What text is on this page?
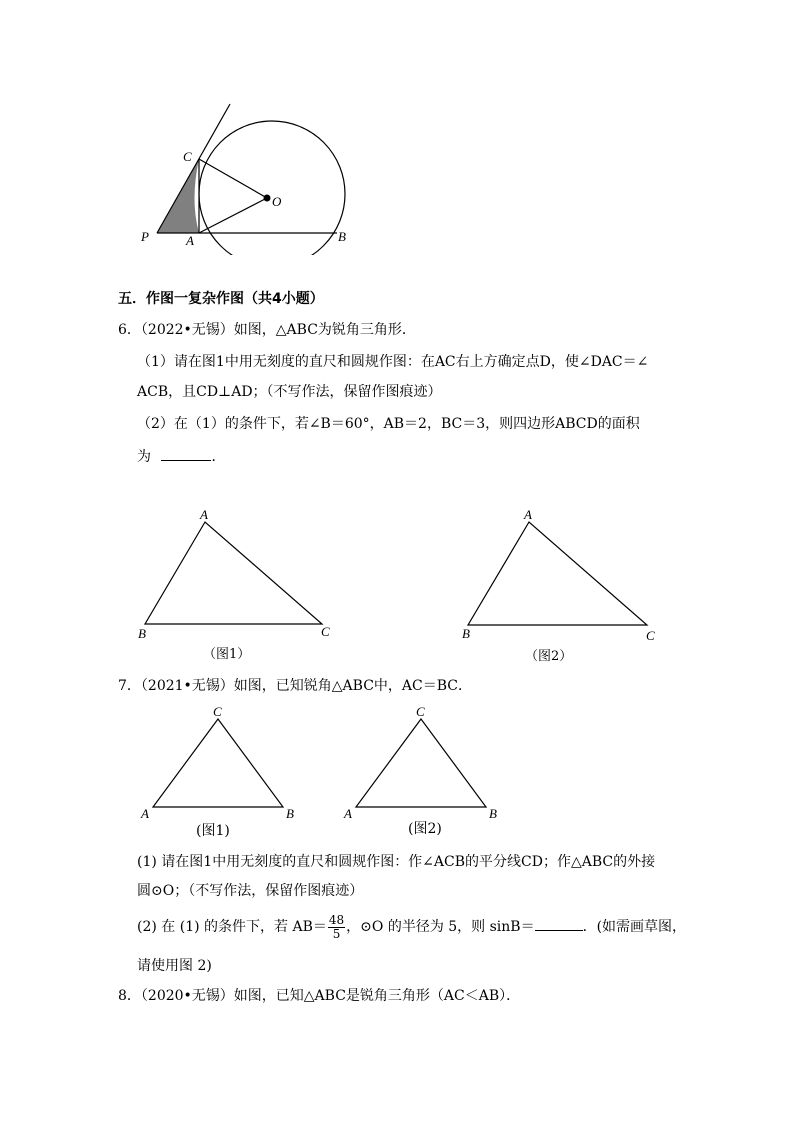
C
O
P	A	B
五．作图一复杂作图（共4小题）
6．（2022•无锡）如图，△ABC为锐角三角形．
（1）请在图1中用无刻度的直尺和圆规作图：在AC右上方确定点D，使∠DAC＝∠
ACB，且CD⊥AD；（不写作法，保留作图痕迹）
（2）在（1）的条件下，若∠B＝60°，AB＝2，BC＝3，则四边形ABCD的面积
为	．
A
B	C
A
B	C
（图1）	（图2）
7．（2021•无锡）如图，已知锐角△ABC中，AC＝BC．
C
A	B
C
A	B
(图1)	(图2)
(1) 请在图1中用无刻度的直尺和圆规作图：作∠ACB的平分线CD；作△ABC的外接
圆⊙O；（不写作法，保留作图痕迹）
(2) 在 (1) 的条件下，若 $AB= \frac{48}{5}$ ，⊙O 的半径为 5，则 sinB＝	．(如需画草图，
请使用图 2)
8．（2020•无锡）如图，已知△ABC是锐角三角形（AC＜AB）．
